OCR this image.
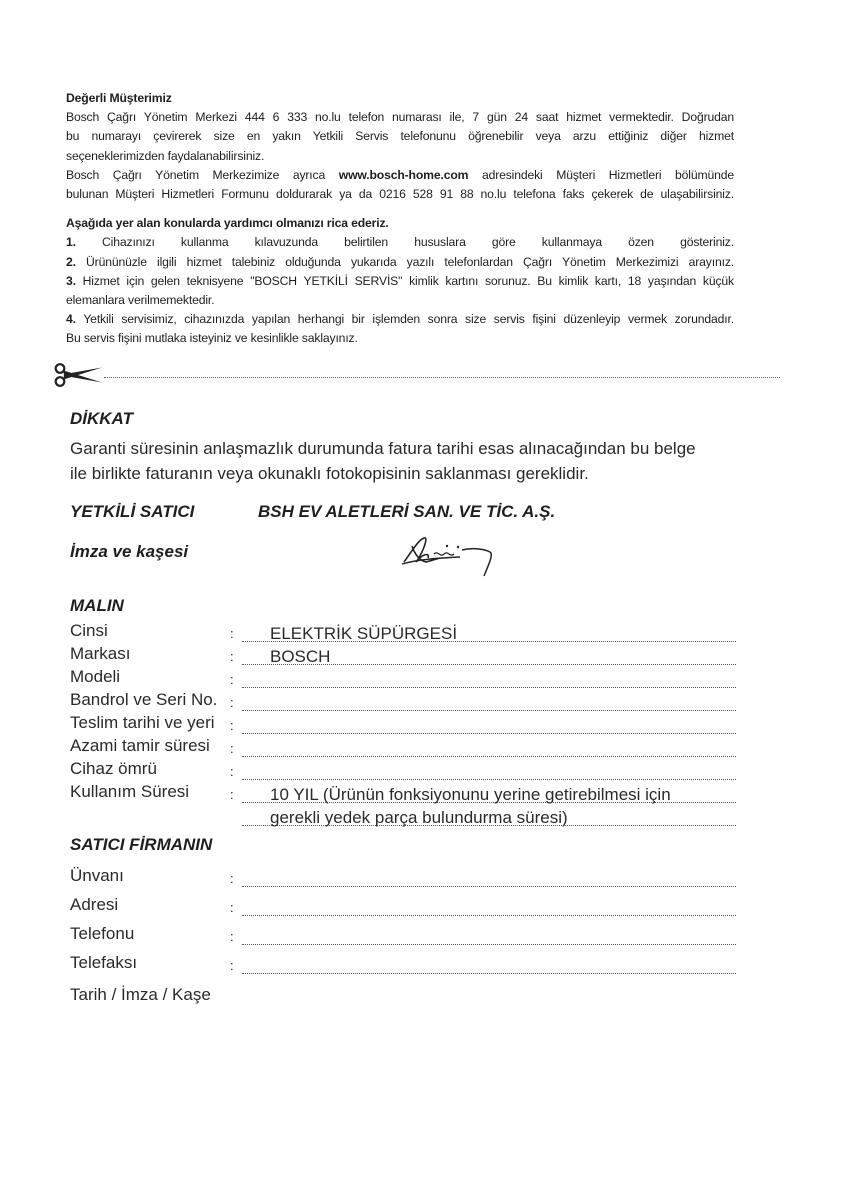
Değerli Müşterimiz
Bosch Çağrı Yönetim Merkezi 444 6 333 no.lu telefon numarası ile, 7 gün 24 saat hizmet vermektedir. Doğrudan
bu numarayı çevirerek size en yakın Yetkili Servis telefonunu öğrenebilir veya arzu ettiğiniz diğer hizmet
seçeneklerimizden faydalanabilirsiniz.
Bosch Çağrı Yönetim Merkezimize ayrıca www.bosch-home.com adresindeki Müşteri Hizmetleri bölümünde
bulunan Müşteri Hizmetleri Formunu doldurarak ya da 0216 528 91 88 no.lu telefona faks çekerek de ulaşabilirsiniz.
Aşağıda yer alan konularda yardımcı olmanızı rica ederiz.
1. Cihazınızı kullanma kılavuzunda belirtilen hususlara göre kullanmaya özen gösteriniz.
2. Ürününüzle ilgili hizmet talebiniz olduğunda yukarıda yazılı telefonlardan Çağrı Yönetim Merkezimizi arayınız.
3. Hizmet için gelen teknisyene "BOSCH YETKİLİ SERVİS" kimlik kartını sorunuz. Bu kimlik kartı, 18 yaşından küçük
elemanlara verilmemektedir.
4. Yetkili servisimiz, cihazınızda yapılan herhangi bir işlemden sonra size servis fişini düzenleyip vermek zorundadır.
Bu servis fişini mutlaka isteyiniz ve kesinlikle saklayınız.
DİKKAT
Garanti süresinin anlaşmazlık durumunda fatura tarihi esas alınacağından bu belge
ile birlikte faturanın veya okunaklı fotokopisinin saklanması gereklidir.
YETKİLİ SATICI	BSH EV ALETLERİ SAN. VE TİC. A.Ş.
İmza ve kaşesi
MALIN
Cinsi	: ELEKTRİK SÜPÜRGESİ
Markası	: BOSCH
Modeli	:
Bandrol ve Seri No. :
Teslim tarihi ve yeri :
Azami tamir süresi :
Cihaz ömrü	:
Kullanım Süresi	: 10 YIL (Ürünün fonksiyonunu yerine getirebilmesi için
gerekli yedek parça bulundurma süresi)
SATICI FİRMANIN
Ünvanı	:
Adresi	:
Telefonu	:
Telefaksı	:
Tarih / İmza / Kaşe
